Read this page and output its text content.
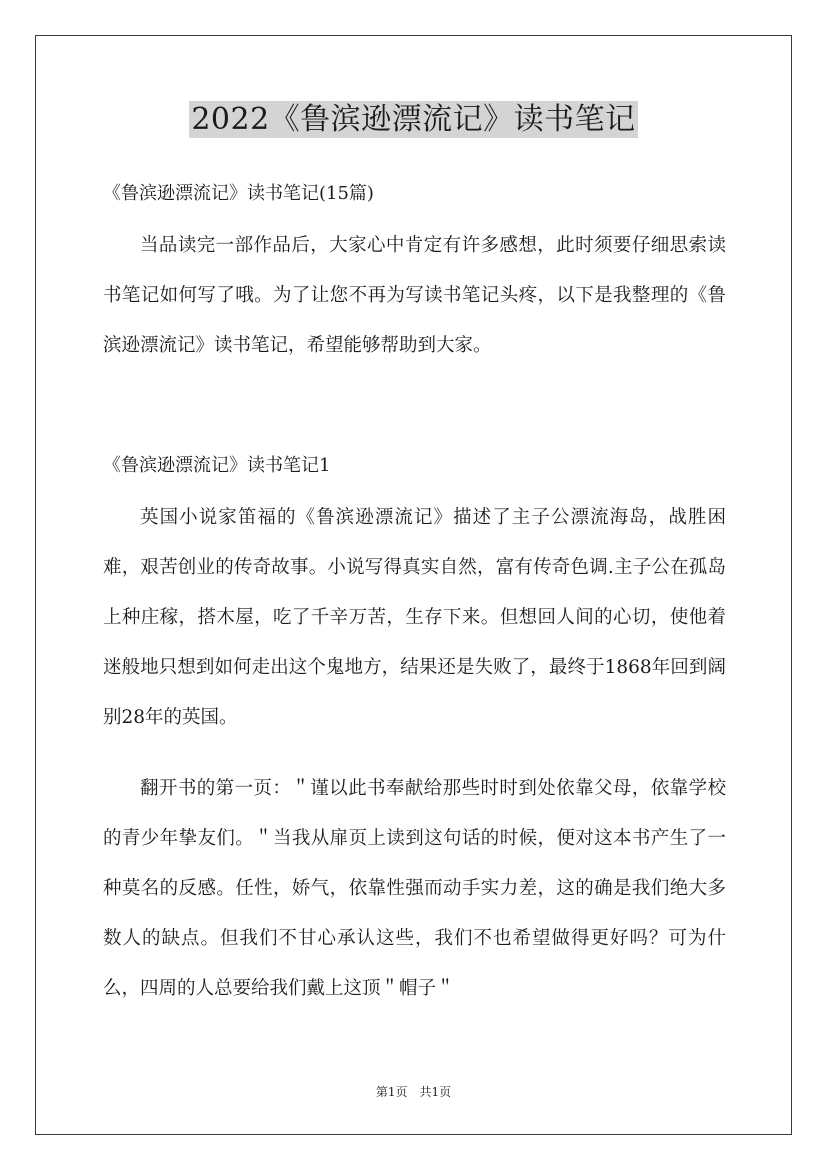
2022《鲁滨逊漂流记》读书笔记
《鲁滨逊漂流记》读书笔记(15篇)

当品读完一部作品后，大家心中肯定有许多感想，此时须要仔细思索读书笔记如何写了哦。为了让您不再为写读书笔记头疼，以下是我整理的《鲁滨逊漂流记》读书笔记，希望能够帮助到大家。

《鲁滨逊漂流记》读书笔记1

英国小说家笛福的《鲁滨逊漂流记》描述了主子公漂流海岛，战胜困难，艰苦创业的传奇故事。小说写得真实自然，富有传奇色调.主子公在孤岛上种庄稼，搭木屋，吃了千辛万苦，生存下来。但想回人间的心切，使他着迷般地只想到如何走出这个鬼地方，结果还是失败了，最终于1868年回到阔别28年的英国。

翻开书的第一页：＂谨以此书奉献给那些时时到处依靠父母，依靠学校的青少年挚友们。＂当我从扉页上读到这句话的时候，便对这本书产生了一种莫名的反感。任性，娇气，依靠性强而动手实力差，这的确是我们绝大多数人的缺点。但我们不甘心承认这些，我们不也希望做得更好吗？可为什么，四周的人总要给我们戴上这顶＂帽子＂

第1页　共1页
